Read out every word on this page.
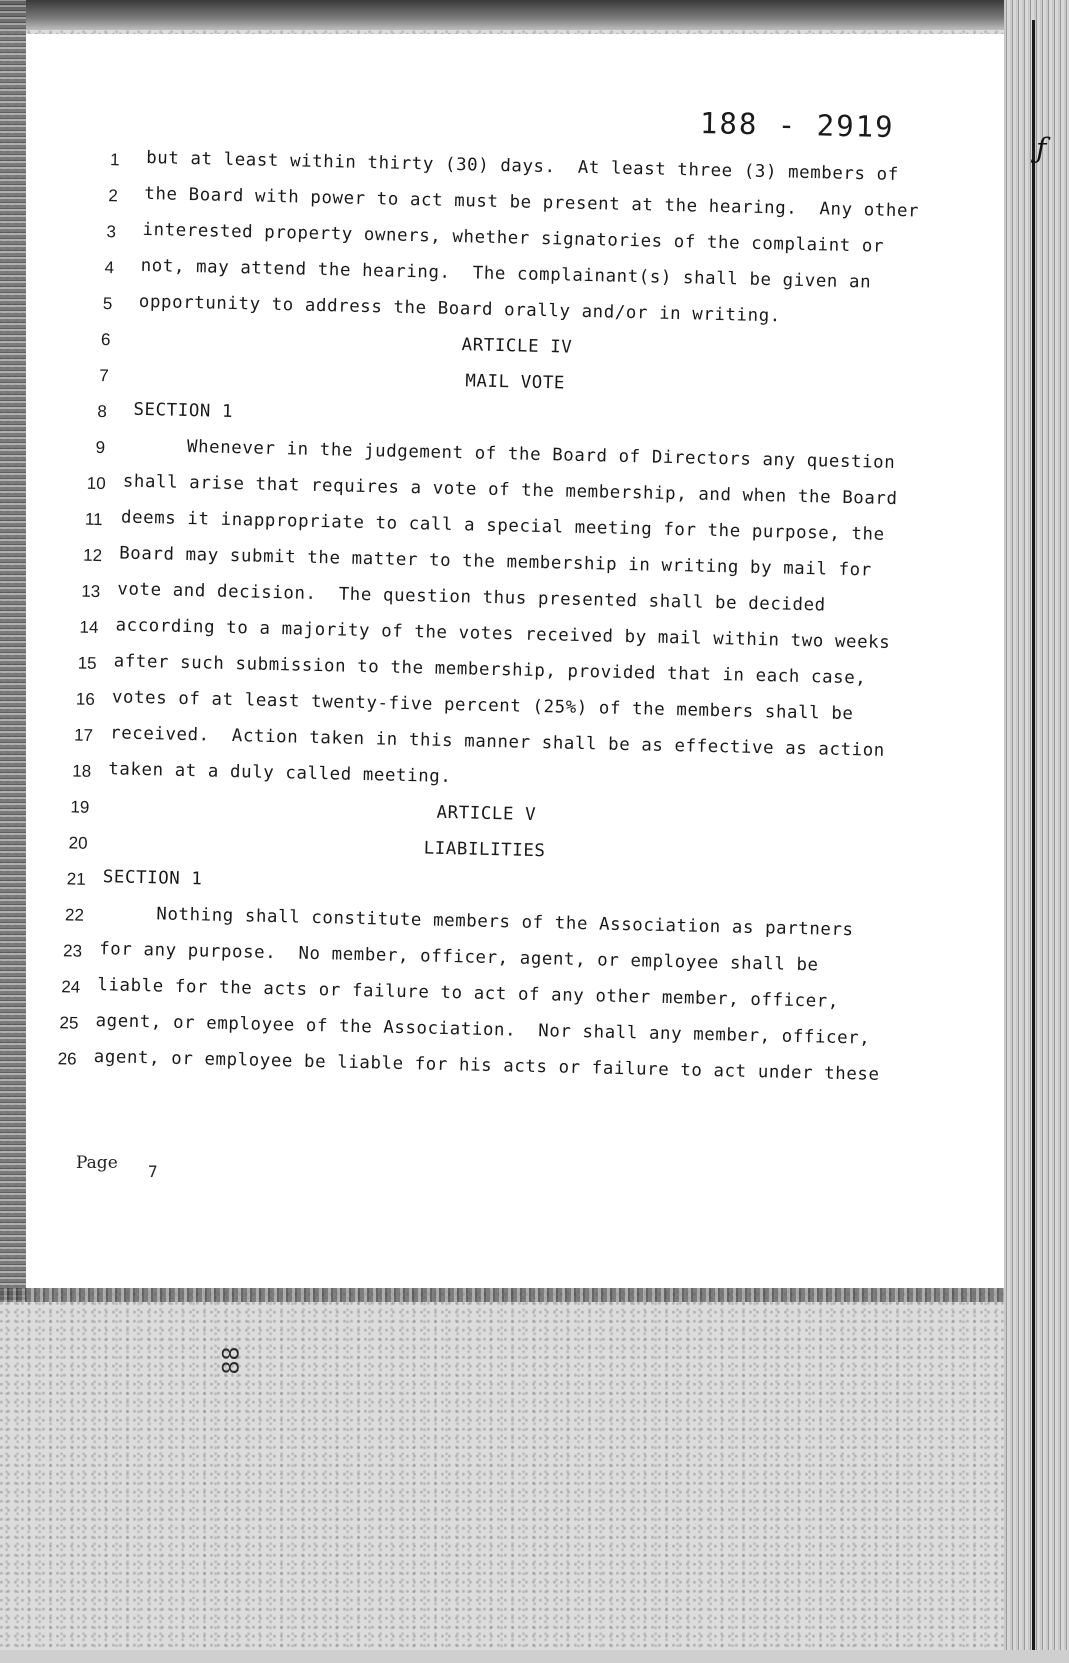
188 - 2919
1
2
3
4
5
6
7
8
9
10
11
12
13
14
15
16
17
18
19
20
21
22
23
24
25
26
but at least within thirty (30) days.  At least three (3) members of
the Board with power to act must be present at the hearing.  Any other
interested property owners, whether signatories of the complaint or
not, may attend the hearing.  The complainant(s) shall be given an
opportunity to address the Board orally and/or in writing.
ARTICLE IV
MAIL VOTE
SECTION 1
Whenever in the judgement of the Board of Directors any question
shall arise that requires a vote of the membership, and when the Board
deems it inappropriate to call a special meeting for the purpose, the
Board may submit the matter to the membership in writing by mail for
vote and decision.  The question thus presented shall be decided
according to a majority of the votes received by mail within two weeks
after such submission to the membership, provided that in each case,
votes of at least twenty-five percent (25%) of the members shall be
received.  Action taken in this manner shall be as effective as action
taken at a duly called meeting.
ARTICLE V
LIABILITIES
SECTION 1
Nothing shall constitute members of the Association as partners
for any purpose.  No member, officer, agent, or employee shall be
liable for the acts or failure to act of any other member, officer,
agent, or employee of the Association.  Nor shall any member, officer,
agent, or employee be liable for his acts or failure to act under these
Page 7
88
ƒ
